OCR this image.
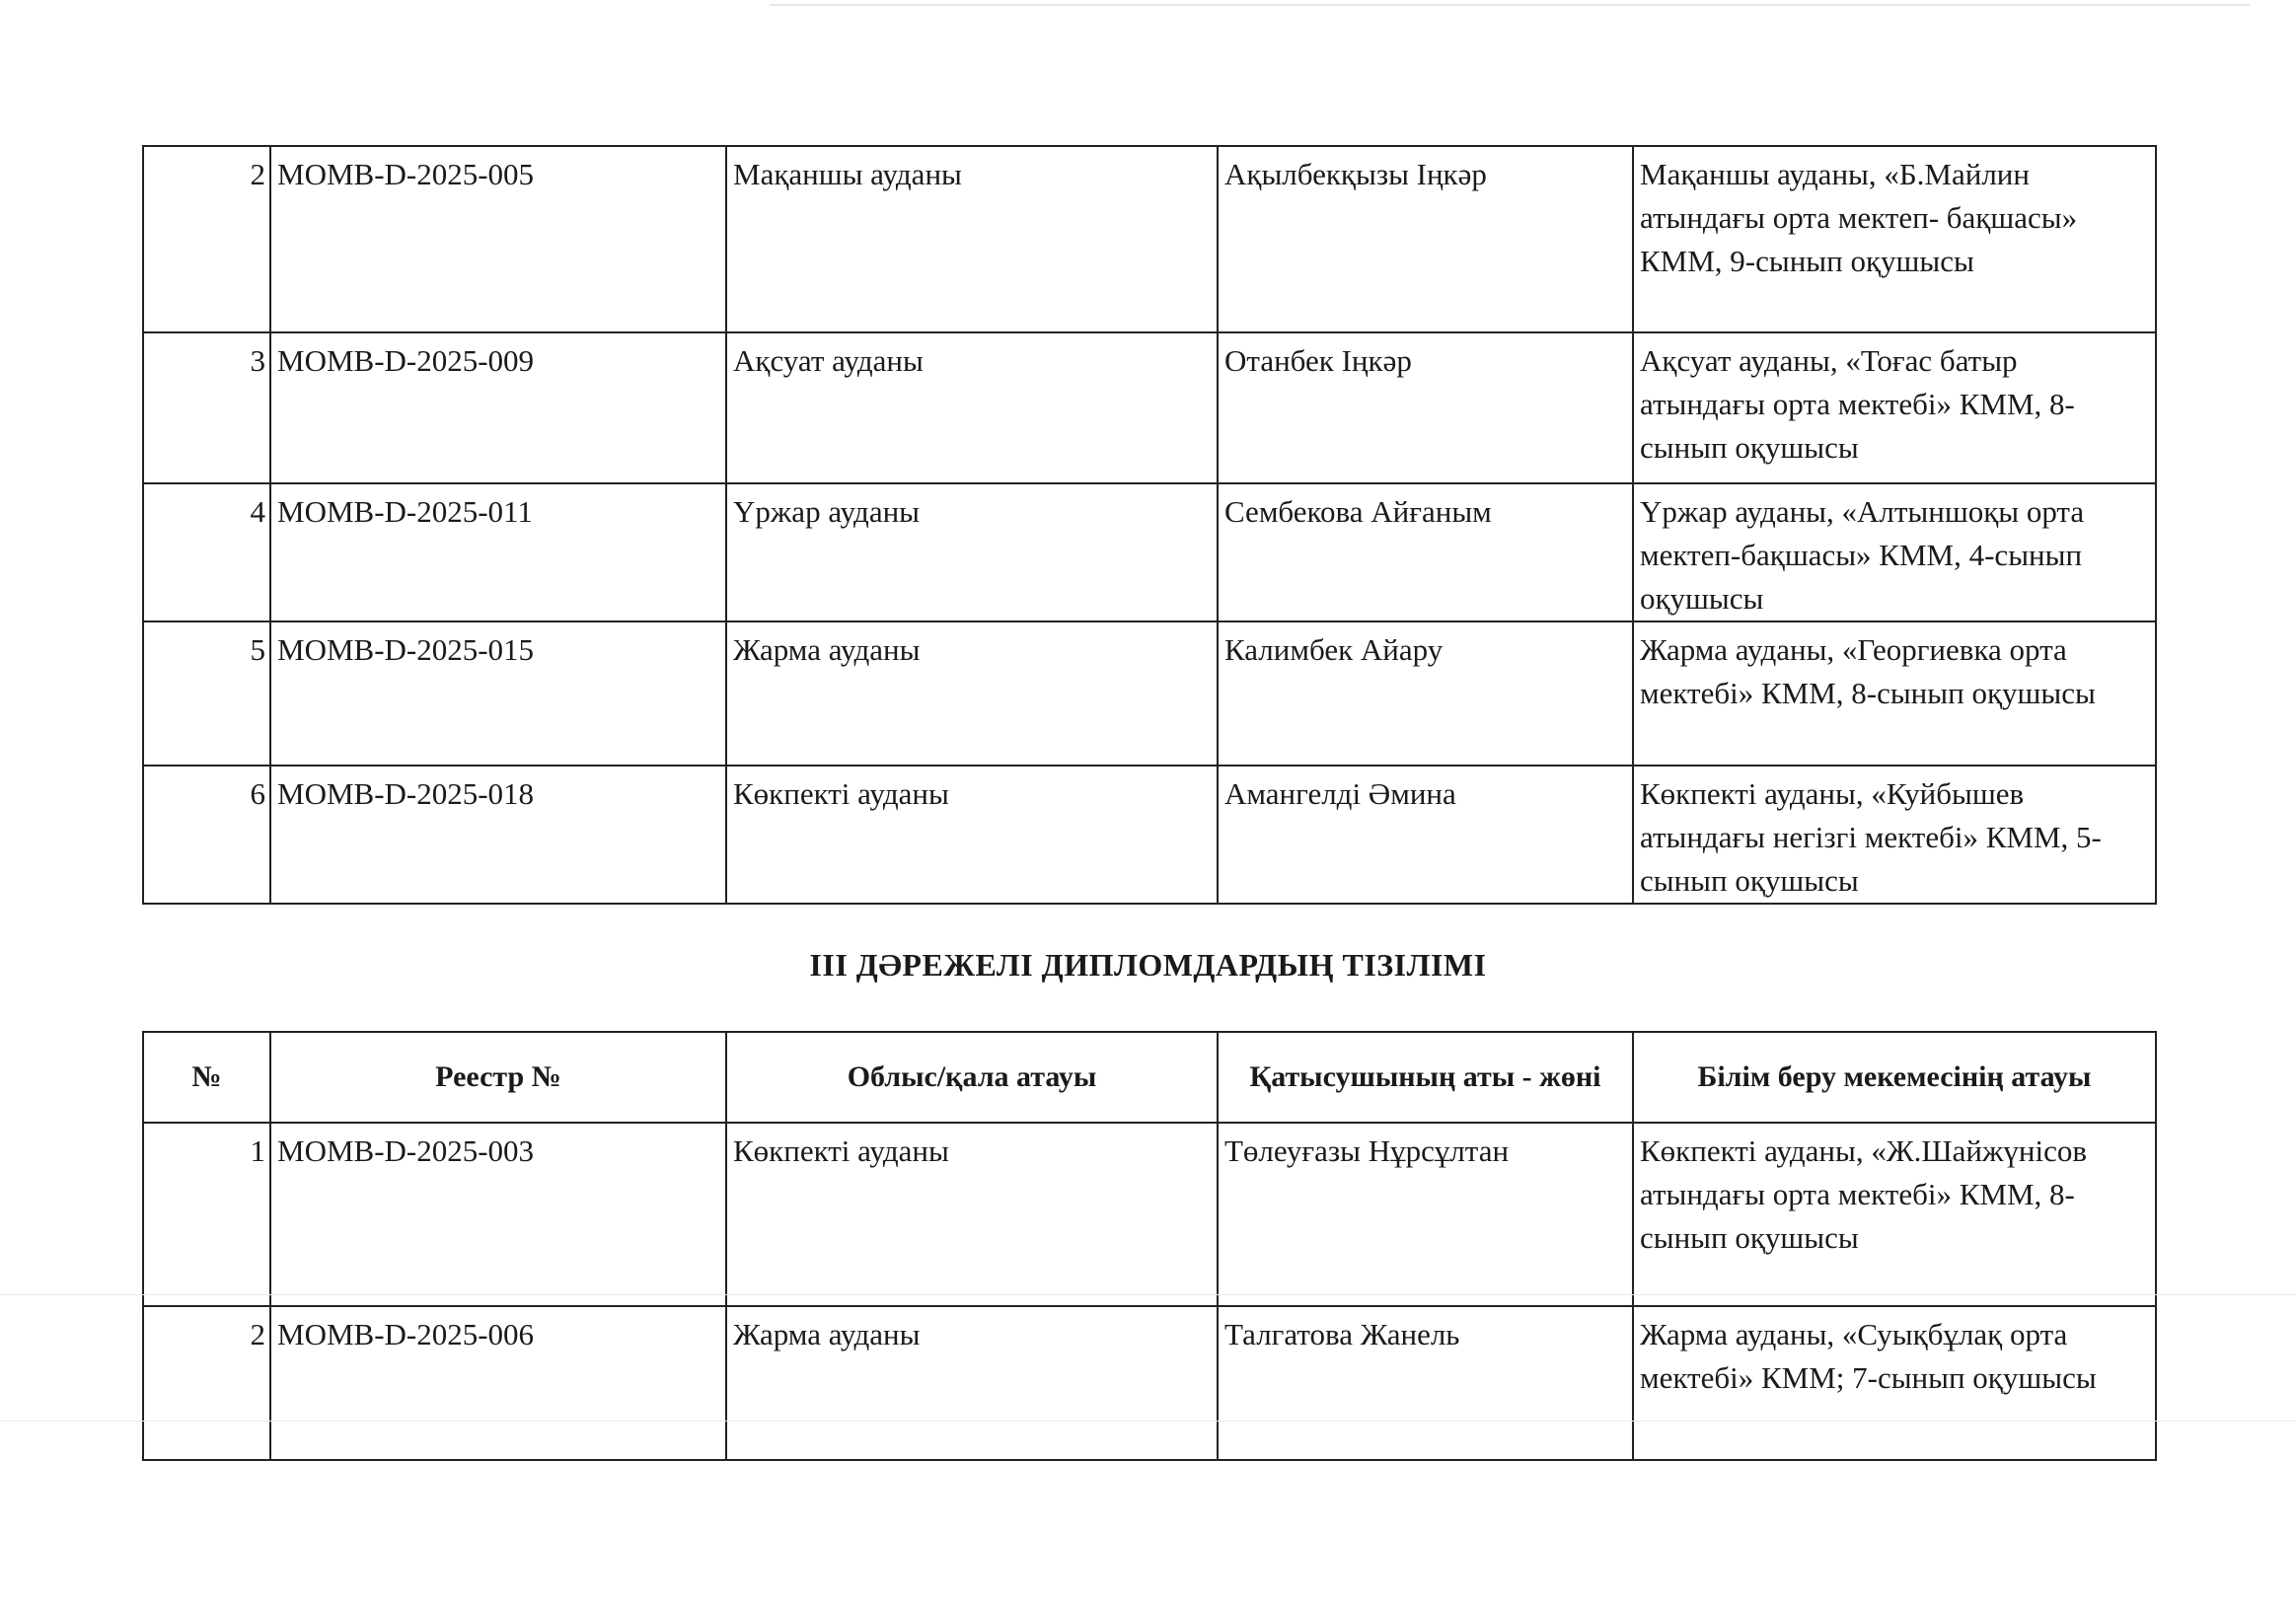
2	MOMB-D-2025-005	Мақаншы ауданы	Ақылбекқызы Іңкәр	Мақаншы ауданы, «Б.Майлин атындағы орта мектеп- бақшасы» КММ, 9-сынып оқушысы
3	MOMB-D-2025-009	Ақсуат ауданы	Отанбек Іңкәр	Ақсуат ауданы, «Тоғас батыр атындағы орта мектебі» КММ, 8-сынып оқушысы
4	MOMB-D-2025-011	Үржар ауданы	Сембекова Айғаным	Үржар ауданы, «Алтыншоқы орта мектеп-бақшасы» КММ, 4-сынып оқушысы
5	MOMB-D-2025-015	Жарма ауданы	Калимбек Айару	Жарма ауданы, «Георгиевка орта мектебі» КММ, 8-сынып оқушысы
6	MOMB-D-2025-018	Көкпекті ауданы	Амангелді Әмина	Көкпекті ауданы, «Куйбышев атындағы негізгі мектебі» КММ, 5-сынып оқушысы
III ДӘРЕЖЕЛІ ДИПЛОМДАРДЫҢ ТІЗІЛІМІ
№	Реестр №	Облыс/қала атауы	Қатысушының аты - жөні	Білім беру мекемесінің атауы
1	MOMB-D-2025-003	Көкпекті ауданы	Төлеуғазы Нұрсұлтан	Көкпекті ауданы, «Ж.Шайжүнісов атындағы орта мектебі» КММ, 8-сынып оқушысы
2	MOMB-D-2025-006	Жарма ауданы	Талгатова Жанель	Жарма ауданы, «Суықбұлақ орта мектебі» КММ; 7-сынып оқушысы
